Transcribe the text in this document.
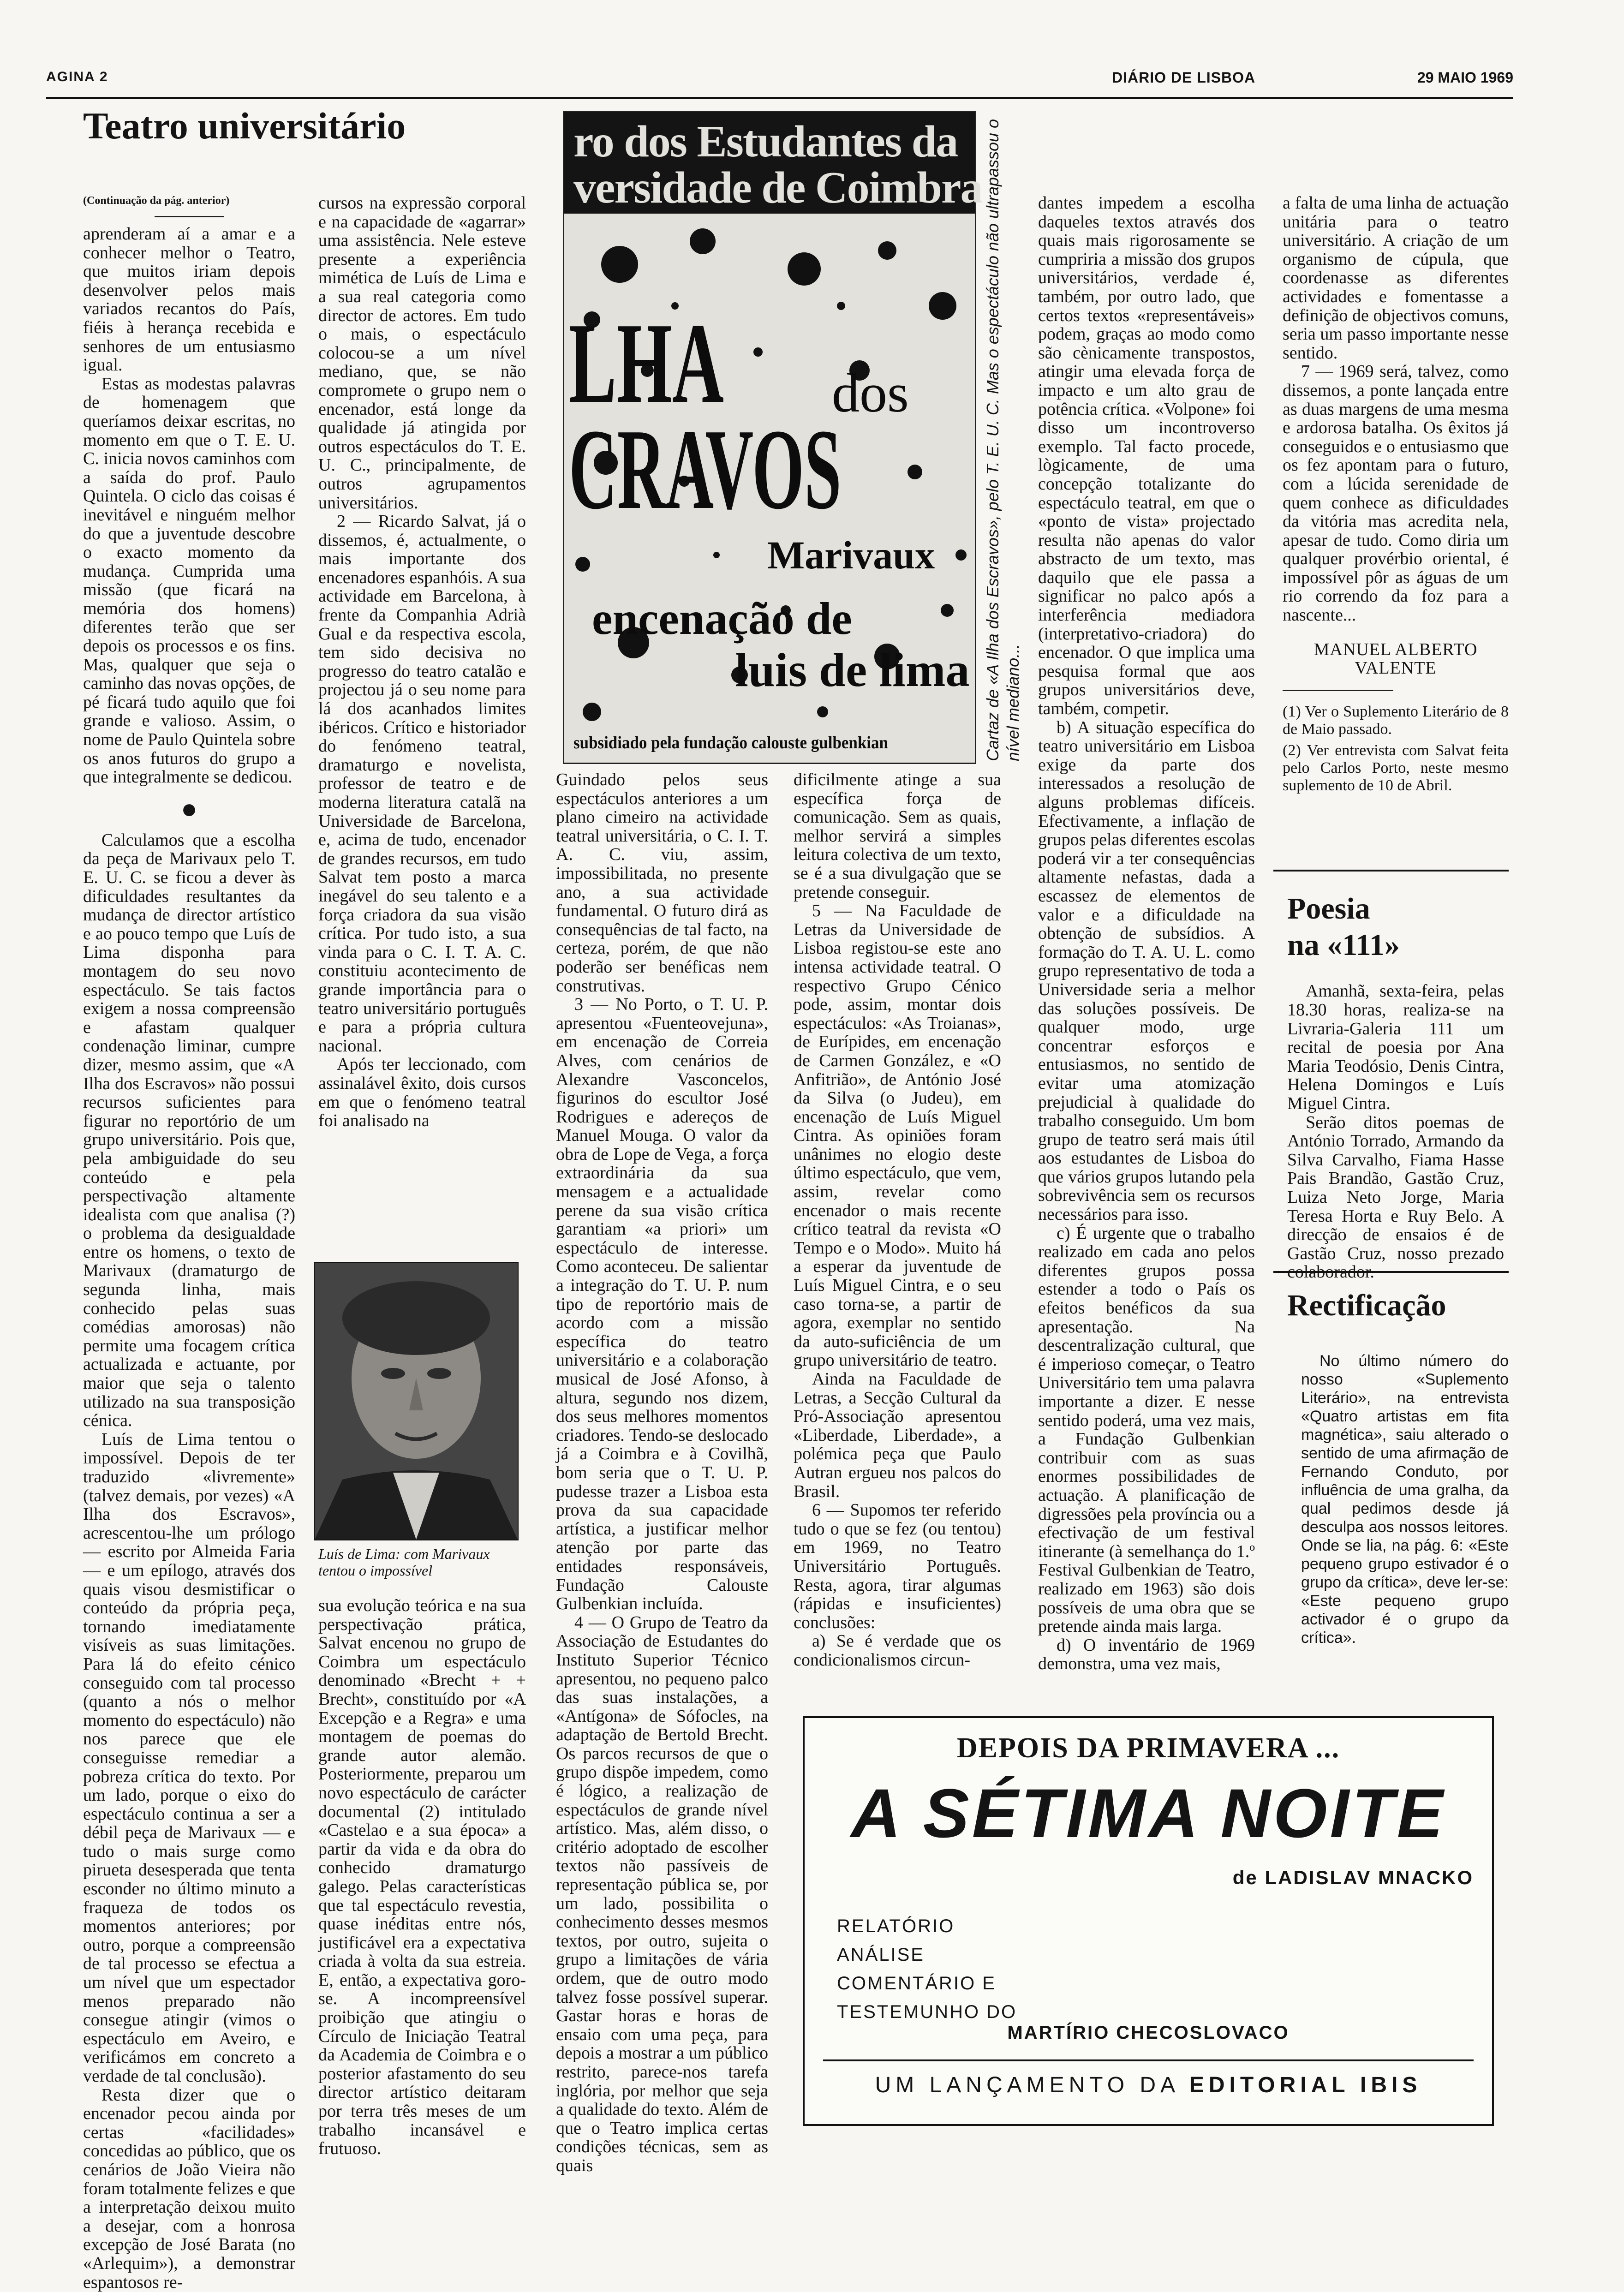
AGINA 2	DIÁRIO DE LISBOA	29 MAIO 1969
Teatro universitário

(Continuação da pág. anterior)

aprenderam aí a amar e a conhecer melhor o Teatro, que muitos iriam depois desenvolver pelos mais variados recantos do País, fiéis à herança recebida e senhores de um entusiasmo igual.

Estas as modestas palavras de homenagem que queríamos deixar escritas, no momento em que o T. E. U. C. inicia novos caminhos com a saída do prof. Paulo Quintela. O ciclo das coisas é inevitável e ninguém melhor do que a juventude descobre o exacto momento da mudança. Cumprida uma missão (que ficará na memória dos homens) diferentes terão que ser depois os processos e os fins. Mas, qualquer que seja o caminho das novas opções, de pé ficará tudo aquilo que foi grande e valioso. Assim, o nome de Paulo Quintela sobre os anos futuros do grupo a que integralmente se dedicou.

●

Calculamos que a escolha da peça de Marivaux pelo T. E. U. C. se ficou a dever às dificuldades resultantes da mudança de director artístico e ao pouco tempo que Luís de Lima disponha para montagem do seu novo espectáculo. Se tais factos exigem a nossa compreensão e afastam qualquer condenação liminar, cumpre dizer, mesmo assim, que «A Ilha dos Escravos» não possui recursos suficientes para figurar no reportório de um grupo universitário. Pois que, pela ambiguidade do seu conteúdo e pela perspectivação altamente idealista com que analisa (?) o problema da desigualdade entre os homens, o texto de Marivaux (dramaturgo de segunda linha, mais conhecido pelas suas comédias amorosas) não permite uma focagem crítica actualizada e actuante, por maior que seja o talento utilizado na sua transposição cénica.

Luís de Lima tentou o impossível. Depois de ter traduzido «livremente» (talvez demais, por vezes) «A Ilha dos Escravos», acrescentou-lhe um prólogo — escrito por Almeida Faria — e um epílogo, através dos quais visou desmistificar o conteúdo da própria peça, tornando imediatamente visíveis as suas limitações. Para lá do efeito cénico conseguido com tal processo (quanto a nós o melhor momento do espectáculo) não nos parece que ele conseguisse remediar a pobreza crítica do texto. Por um lado, porque o eixo do espectáculo continua a ser a débil peça de Marivaux — e tudo o mais surge como pirueta desesperada que tenta esconder no último minuto a fraqueza de todos os momentos anteriores; por outro, porque a compreensão de tal processo se efectua a um nível que um espectador menos preparado não consegue atingir (vimos o espectáculo em Aveiro, e verificámos em concreto a verdade de tal conclusão).

Resta dizer que o encenador pecou ainda por certas «facilidades» concedidas ao público, que os cenários de João Vieira não foram totalmente felizes e que a interpretação deixou muito a desejar, com a honrosa excepção de José Barata (no «Arlequim»), a demonstrar espantosos re-

cursos na expressão corporal e na capacidade de «agarrar» uma assistência. Nele esteve presente a experiência mimética de Luís de Lima e a sua real categoria como director de actores. Em tudo o mais, o espectáculo colocou-se a um nível mediano, que, se não compromete o grupo nem o encenador, está longe da qualidade já atingida por outros espectáculos do T. E. U. C., principalmente, de outros agrupamentos universitários.

2 — Ricardo Salvat, já o dissemos, é, actualmente, o mais importante dos encenadores espanhóis. A sua actividade em Barcelona, à frente da Companhia Adrià Gual e da respectiva escola, tem sido decisiva no progresso do teatro catalão e projectou já o seu nome para lá dos acanhados limites ibéricos. Crítico e historiador do fenómeno teatral, dramaturgo e novelista, professor de teatro e de moderna literatura catalã na Universidade de Barcelona, e, acima de tudo, encenador de grandes recursos, em tudo Salvat tem posto a marca inegável do seu talento e a força criadora da sua visão crítica. Por tudo isto, a sua vinda para o C. I. T. A. C. constituiu acontecimento de grande importância para o teatro universitário português e para a própria cultura nacional.

Após ter leccionado, com assinalável êxito, dois cursos em que o fenómeno teatral foi analisado na

Luís de Lima: com Marivaux tentou o impossível

sua evolução teórica e na sua perspectivação prática, Salvat encenou no grupo de Coimbra um espectáculo denominado «Brecht + + Brecht», constituído por «A Excepção e a Regra» e uma montagem de poemas do grande autor alemão. Posteriormente, preparou um novo espectáculo de carácter documental (2) intitulado «Castelao e a sua época» a partir da vida e da obra do conhecido dramaturgo galego. Pelas características que tal espectáculo revestia, quase inéditas entre nós, justificável era a expectativa criada à volta da sua estreia. E, então, a expectativa goro-se. A incompreensível proibição que atingiu o Círculo de Iniciação Teatral da Academia de Coimbra e o posterior afastamento do seu director artístico deitaram por terra três meses de um trabalho incansável e frutuoso.

ro dos Estudantes da
versidade de Coimbra
LHA dos
CRAVOS
Marivaux
encenação de
luis de lima
subsidiado pela fundação calouste gulbenkian	Cartaz de «A Ilha dos Escravos», pelo T. E. U. C. Mas o espectáculo não ultrapassou o nível mediano...

Guindado pelos seus espectáculos anteriores a um plano cimeiro na actividade teatral universitária, o C. I. T. A. C. viu, assim, impossibilitada, no presente ano, a sua actividade fundamental. O futuro dirá as consequências de tal facto, na certeza, porém, de que não poderão ser benéficas nem construtivas.

3 — No Porto, o T. U. P. apresentou «Fuenteovejuna», em encenação de Correia Alves, com cenários de Alexandre Vasconcelos, figurinos do escultor José Rodrigues e adereços de Manuel Mouga. O valor da obra de Lope de Vega, a força extraordinária da sua mensagem e a actualidade perene da sua visão crítica garantiam «a priori» um espectáculo de interesse. Como aconteceu. De salientar a integração do T. U. P. num tipo de reportório mais de acordo com a missão específica do teatro universitário e a colaboração musical de José Afonso, à altura, segundo nos dizem, dos seus melhores momentos criadores. Tendo-se deslocado já a Coimbra e à Covilhã, bom seria que o T. U. P. pudesse trazer a Lisboa esta prova da sua capacidade artística, a justificar melhor atenção por parte das entidades responsáveis, Fundação Calouste Gulbenkian incluída.

4 — O Grupo de Teatro da Associação de Estudantes do Instituto Superior Técnico apresentou, no pequeno palco das suas instalações, a «Antígona» de Sófocles, na adaptação de Bertold Brecht. Os parcos recursos de que o grupo dispõe impedem, como é lógico, a realização de espectáculos de grande nível artístico. Mas, além disso, o critério adoptado de escolher textos não passíveis de representação pública se, por um lado, possibilita o conhecimento desses mesmos textos, por outro, sujeita o grupo a limitações de vária ordem, que de outro modo talvez fosse possível superar. Gastar horas e horas de ensaio com uma peça, para depois a mostrar a um público restrito, parece-nos tarefa inglória, por melhor que seja a qualidade do texto. Além de que o Teatro implica certas condições técnicas, sem as quais

dificilmente atinge a sua específica força de comunicação. Sem as quais, melhor servirá a simples leitura colectiva de um texto, se é a sua divulgação que se pretende conseguir.

5 — Na Faculdade de Letras da Universidade de Lisboa registou-se este ano intensa actividade teatral. O respectivo Grupo Cénico pode, assim, montar dois espectáculos: «As Troianas», de Eurípides, em encenação de Carmen González, e «O Anfitrião», de António José da Silva (o Judeu), em encenação de Luís Miguel Cintra. As opiniões foram unânimes no elogio deste último espectáculo, que vem, assim, revelar como encenador o mais recente crítico teatral da revista «O Tempo e o Modo». Muito há a esperar da juventude de Luís Miguel Cintra, e o seu caso torna-se, a partir de agora, exemplar no sentido da auto-suficiência de um grupo universitário de teatro.

Ainda na Faculdade de Letras, a Secção Cultural da Pró-Associação apresentou «Liberdade, Liberdade», a polémica peça que Paulo Autran ergueu nos palcos do Brasil.

6 — Supomos ter referido tudo o que se fez (ou tentou) em 1969, no Teatro Universitário Português. Resta, agora, tirar algumas (rápidas e insuficientes) conclusões:

a) Se é verdade que os condicionalismos circun-

dantes impedem a escolha daqueles textos através dos quais mais rigorosamente se cumpriria a missão dos grupos universitários, verdade é, também, por outro lado, que certos textos «representáveis» podem, graças ao modo como são cènicamente transpostos, atingir uma elevada força de impacto e um alto grau de potência crítica. «Volpone» foi disso um incontroverso exemplo. Tal facto procede, lògicamente, de uma concepção totalizante do espectáculo teatral, em que o «ponto de vista» projectado resulta não apenas do valor abstracto de um texto, mas daquilo que ele passa a significar no palco após a interferência mediadora (interpretativo-criadora) do encenador. O que implica uma pesquisa formal que aos grupos universitários deve, também, competir.

b) A situação específica do teatro universitário em Lisboa exige da parte dos interessados a resolução de alguns problemas difíceis. Efectivamente, a inflação de grupos pelas diferentes escolas poderá vir a ter consequências altamente nefastas, dada a escassez de elementos de valor e a dificuldade na obtenção de subsídios. A formação do T. A. U. L. como grupo representativo de toda a Universidade seria a melhor das soluções possíveis. De qualquer modo, urge concentrar esforços e entusiasmos, no sentido de evitar uma atomização prejudicial à qualidade do trabalho conseguido. Um bom grupo de teatro será mais útil aos estudantes de Lisboa do que vários grupos lutando pela sobrevivência sem os recursos necessários para isso.

c) É urgente que o trabalho realizado em cada ano pelos diferentes grupos possa estender a todo o País os efeitos benéficos da sua apresentação. Na descentralização cultural, que é imperioso começar, o Teatro Universitário tem uma palavra importante a dizer. E nesse sentido poderá, uma vez mais, a Fundação Gulbenkian contribuir com as suas enormes possibilidades de actuação. A planificação de digressões pela província ou a efectivação de um festival itinerante (à semelhança do 1.º Festival Gulbenkian de Teatro, realizado em 1963) são dois possíveis de uma obra que se pretende ainda mais larga.

d) O inventário de 1969 demonstra, uma vez mais,

a falta de uma linha de actuação unitária para o teatro universitário. A criação de um organismo de cúpula, que coordenasse as diferentes actividades e fomentasse a definição de objectivos comuns, seria um passo importante nesse sentido.

7 — 1969 será, talvez, como dissemos, a ponte lançada entre as duas margens de uma mesma e ardorosa batalha. Os êxitos já conseguidos e o entusiasmo que os fez apontam para o futuro, com a lúcida serenidade de quem conhece as dificuldades da vitória mas acredita nela, apesar de tudo. Como diria um qualquer provérbio oriental, é impossível pôr as águas de um rio correndo da foz para a nascente...

MANUEL ALBERTO VALENTE

(1) Ver o Suplemento Literário de 8 de Maio passado.
(2) Ver entrevista com Salvat feita pelo Carlos Porto, neste mesmo suplemento de 10 de Abril.
Poesia
na «111»

Amanhã, sexta-feira, pelas 18.30 horas, realiza-se na Livraria-Galeria 111 um recital de poesia por Ana Maria Teodósio, Denis Cintra, Helena Domingos e Luís Miguel Cintra.

Serão ditos poemas de António Torrado, Armando da Silva Carvalho, Fiama Hasse Pais Brandão, Gastão Cruz, Luiza Neto Jorge, Maria Teresa Horta e Ruy Belo. A direcção de ensaios é de Gastão Cruz, nosso prezado colaborador.

Rectificação

No último número do nosso «Suplemento Literário», na entrevista «Quatro artistas em fita magnética», saiu alterado o sentido de uma afirmação de Fernando Conduto, por influência de uma gralha, da qual pedimos desde já desculpa aos nossos leitores. Onde se lia, na pág. 6: «Este pequeno grupo estivador é o grupo da crítica», deve ler-se: «Este pequeno grupo activador é o grupo da crítica».

DEPOIS DA PRIMAVERA ...
A SÉTIMA NOITE
de LADISLAV MNACKO
RELATÓRIO
ANÁLISE
COMENTÁRIO E
TESTEMUNHO DO
MARTÍRIO CHECOSLOVACO
UM LANÇAMENTO DA EDITORIAL IBIS
